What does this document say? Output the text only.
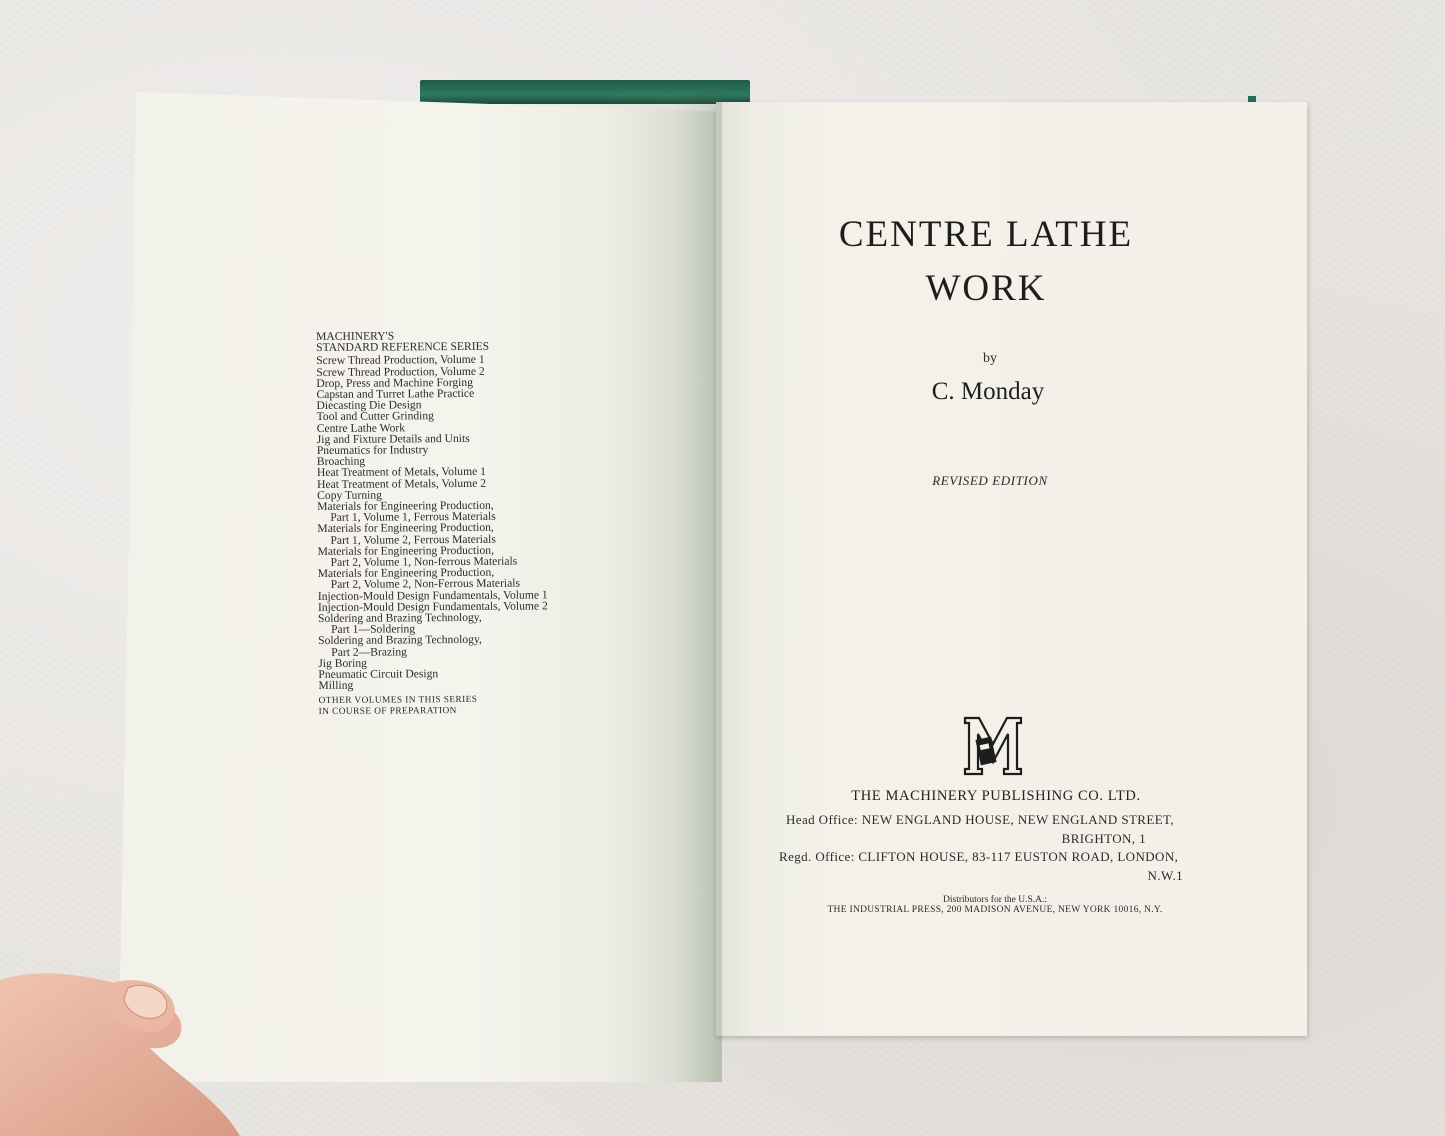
MACHINERY'S
STANDARD REFERENCE SERIES
Screw Thread Production, Volume 1
Screw Thread Production, Volume 2
Drop, Press and Machine Forging
Capstan and Turret Lathe Practice
Diecasting Die Design
Tool and Cutter Grinding
Centre Lathe Work
Jig and Fixture Details and Units
Pneumatics for Industry
Broaching
Heat Treatment of Metals, Volume 1
Heat Treatment of Metals, Volume 2
Copy Turning
Materials for Engineering Production,
Part 1, Volume 1, Ferrous Materials
Materials for Engineering Production,
Part 1, Volume 2, Ferrous Materials
Materials for Engineering Production,
Part 2, Volume 1, Non-ferrous Materials
Materials for Engineering Production,
Part 2, Volume 2, Non-Ferrous Materials
Injection-Mould Design Fundamentals, Volume 1
Injection-Mould Design Fundamentals, Volume 2
Soldering and Brazing Technology,
Part 1—Soldering
Soldering and Brazing Technology,
Part 2—Brazing
Jig Boring
Pneumatic Circuit Design
Milling
OTHER VOLUMES IN THIS SERIES
IN COURSE OF PREPARATION
CENTRE LATHE
WORK
by
C. Monday
REVISED EDITION
THE MACHINERY PUBLISHING CO. LTD.
Head Office: NEW ENGLAND HOUSE, NEW ENGLAND STREET,
BRIGHTON, 1
Regd. Office: CLIFTON HOUSE, 83-117 EUSTON ROAD, LONDON,
N.W.1
Distributors for the U.S.A.:
THE INDUSTRIAL PRESS, 200 MADISON AVENUE, NEW YORK 10016, N.Y.
